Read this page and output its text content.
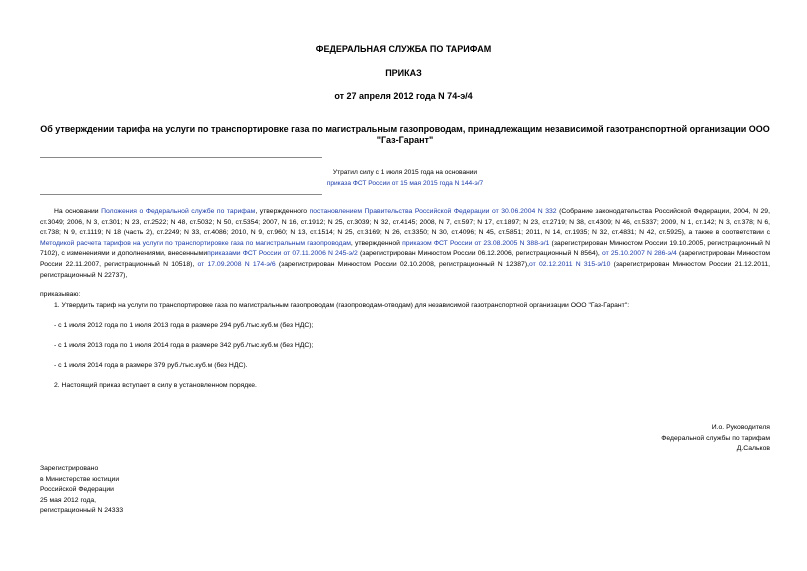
ФЕДЕРАЛЬНАЯ СЛУЖБА ПО ТАРИФАМ
ПРИКАЗ
от 27 апреля 2012 года N 74-э/4
Об утверждении тарифа на услуги по транспортировке газа по магистральным газопроводам, принадлежащим независимой газотранспортной организации ООО
"Газ-Гарант"
Утратил силу с 1 июля 2015 года на основании
приказа ФСТ России от 15 мая 2015 года N 144-э/7
На основании Положения о Федеральной службе по тарифам, утвержденного постановлением Правительства Российской Федерации от 30.06.2004 N 332 (Собрание законодательства Российской Федерации, 2004, N 29, ст.3049; 2006, N 3, ст.301; N 23, ст.2522; N 48, ст.5032; N 50, ст.5354; 2007, N 16, ст.1912; N 25, ст.3039; N 32, ст.4145; 2008, N 7, ст.597; N 17, ст.1897; N 23, ст.2719; N 38, ст.4309; N 46, ст.5337; 2009, N 1, ст.142; N 3, ст.378; N 6, ст.738; N 9, ст.1119; N 18 (часть 2), ст.2249; N 33, ст.4086; 2010, N 9, ст.960; N 13, ст.1514; N 25, ст.3169; N 26, ст.3350; N 30, ст.4096; N 45, ст.5851; 2011, N 14, ст.1935; N 32, ст.4831; N 42, ст.5925), а также в соответствии с Методикой расчета тарифов на услуги по транспортировке газа по магистральным газопроводам, утвержденной приказом ФСТ России от 23.08.2005 N 388-э/1 (зарегистрирован Минюстом России 19.10.2005, регистрационный N 7102), с изменениями и дополнениями, внесеннымиприказами ФСТ России от 07.11.2006 N 245-э/2 (зарегистрирован Минюстом России 06.12.2006, регистрационный N 8564), от 25.10.2007 N 286-э/4 (зарегистрирован Минюстом России 22.11.2007, регистрационный N 10518), от 17.09.2008 N 174-э/6 (зарегистрирован Минюстом России 02.10.2008, регистрационный N 12387),от 02.12.2011 N 315-э/10 (зарегистрирован Минюстом России 21.12.2011, регистрационный N 22737),
приказываю:
1. Утвердить тариф на услуги по транспортировке газа по магистральным газопроводам (газопроводам-отводам) для независимой газотранспортной организации ООО "Газ-Гарант":
- с 1 июля 2012 года по 1 июля 2013 года в размере 294 руб./тыс.куб.м (без НДС);
- с 1 июля 2013 года по 1 июля 2014 года в размере 342 руб./тыс.куб.м (без НДС);
- с 1 июля 2014 года в размере 379 руб./тыс.куб.м (без НДС).
2. Настоящий приказ вступает в силу в установленном порядке.
И.о. Руководителя
Федеральной службы по тарифам
Д.Сальков
Зарегистрировано
в Министерстве юстиции
Российской Федерации
25 мая 2012 года,
регистрационный N 24333
